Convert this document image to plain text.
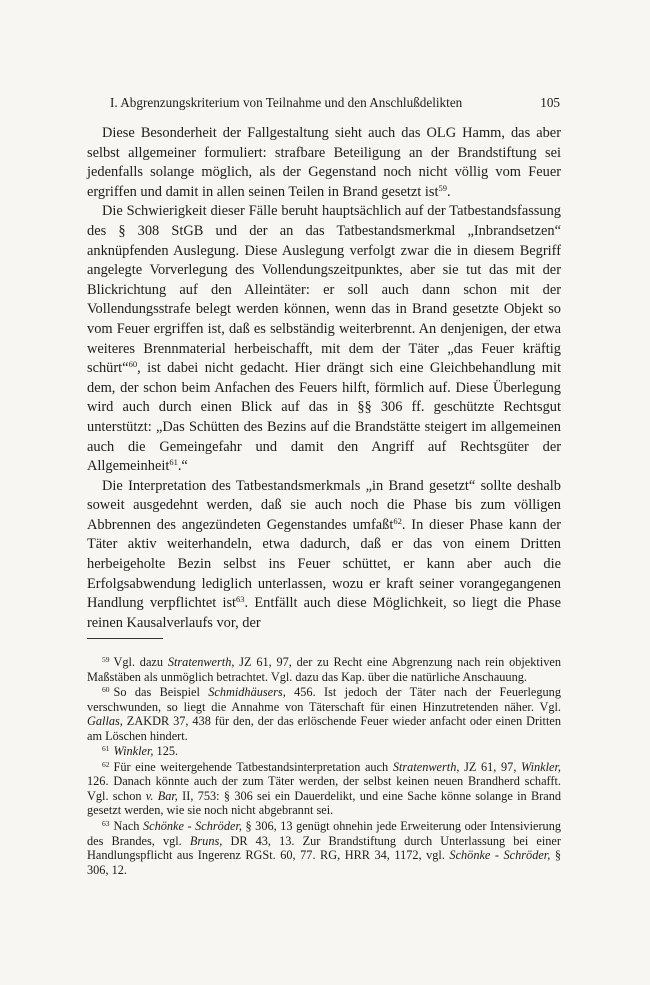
I. Abgrenzungskriterium von Teilnahme und den Anschlußdelikten	105

Diese Besonderheit der Fallgestaltung sieht auch das OLG Hamm, das aber selbst allgemeiner formuliert: strafbare Beteiligung an der Brandstiftung sei jedenfalls solange möglich, als der Gegenstand noch nicht völlig vom Feuer ergriffen und damit in allen seinen Teilen in Brand gesetzt ist$^{59}$.

Die Schwierigkeit dieser Fälle beruht hauptsächlich auf der Tatbestandsfassung des § 308 StGB und der an das Tatbestandsmerkmal „Inbrandsetzen“ anknüpfenden Auslegung. Diese Auslegung verfolgt zwar die in diesem Begriff angelegte Vorverlegung des Vollendungszeitpunktes, aber sie tut das mit der Blickrichtung auf den Alleintäter: er soll auch dann schon mit der Vollendungsstrafe belegt werden können, wenn das in Brand gesetzte Objekt so vom Feuer ergriffen ist, daß es selbständig weiterbrennt. An denjenigen, der etwa weiteres Brennmaterial herbeischafft, mit dem der Täter „das Feuer kräftig schürt“$^{60}$, ist dabei nicht gedacht. Hier drängt sich eine Gleichbehandlung mit dem, der schon beim Anfachen des Feuers hilft, förmlich auf. Diese Überlegung wird auch durch einen Blick auf das in §§ 306 ff. geschützte Rechtsgut unterstützt: „Das Schütten des Bezins auf die Brandstätte steigert im allgemeinen auch die Gemeingefahr und damit den Angriff auf Rechtsgüter der Allgemeinheit$^{61}$.“

Die Interpretation des Tatbestandsmerkmals „in Brand gesetzt“ sollte deshalb soweit ausgedehnt werden, daß sie auch noch die Phase bis zum völligen Abbrennen des angezündeten Gegenstandes umfaßt$^{62}$. In dieser Phase kann der Täter aktiv weiterhandeln, etwa dadurch, daß er das von einem Dritten herbeigeholte Bezin selbst ins Feuer schüttet, er kann aber auch die Erfolgsabwendung lediglich unterlassen, wozu er kraft seiner vorangegangenen Handlung verpflichtet ist$^{63}$. Entfällt auch diese Möglichkeit, so liegt die Phase reinen Kausalverlaufs vor, der

$^{59}$ Vgl. dazu Stratenwerth, JZ 61, 97, der zu Recht eine Abgrenzung nach rein objektiven Maßstäben als unmöglich betrachtet. Vgl. dazu das Kap. über die natürliche Anschauung.

$^{60}$ So das Beispiel Schmidhäusers, 456. Ist jedoch der Täter nach der Feuerlegung verschwunden, so liegt die Annahme von Täterschaft für einen Hinzutretenden näher. Vgl. Gallas, ZAKDR 37, 438 für den, der das erlöschende Feuer wieder anfacht oder einen Dritten am Löschen hindert.

$^{61}$ Winkler, 125.

$^{62}$ Für eine weitergehende Tatbestandsinterpretation auch Stratenwerth, JZ 61, 97, Winkler, 126. Danach könnte auch der zum Täter werden, der selbst keinen neuen Brandherd schafft. Vgl. schon v. Bar, II, 753: § 306 sei ein Dauerdelikt, und eine Sache könne solange in Brand gesetzt werden, wie sie noch nicht abgebrannt sei.

$^{63}$ Nach Schönke - Schröder, § 306, 13 genügt ohnehin jede Erweiterung oder Intensivierung des Brandes, vgl. Bruns, DR 43, 13. Zur Brandstiftung durch Unterlassung bei einer Handlungspflicht aus Ingerenz RGSt. 60, 77. RG, HRR 34, 1172, vgl. Schönke - Schröder, § 306, 12.
